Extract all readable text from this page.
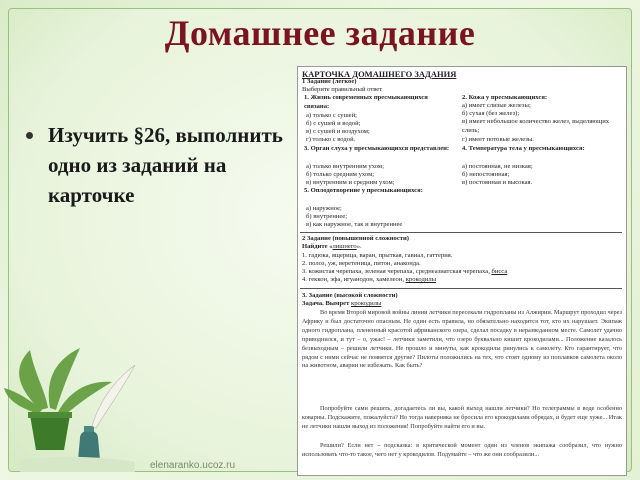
Домашнее задание
Изучить §26, выполнить одно из заданий на карточке
КАРТОЧКА ДОМАШНЕГО ЗАДАНИЯ
1 Задание (легкое)
Выберите правильный ответ
1. Жизнь современных пресмыкающихся связана:
а) только с сушей;
б) с сушей и водой;
в) с сушей и воздухом;
г) только с водой.
3. Орган слуха у пресмыкающихся представлен:
а) только внутренним ухом;
б) только средним ухом;
в) внутренним и средним ухом;
5. Оплодотворение у пресмыкающихся:
а) наружное;
б) внутреннее;
в) как наружное, так и внутреннее
2. Кожа у пресмыкающихся:
а) имеет слизые железы;
б) сухая (без желез);
в) имеет небольшое количество желез, выделяющих слизь;
г) имеет потовые железы.
4. Температура тела у пресмыкающихся:
а) постоянная, не низкая;
б) непостоянная;
в) постоянная и высокая.
2 Задание (повышенной сложности)
Найдите «лишнего».
1. гадюка, ящерица, варан, прыткая, гавиал, гаттерия.
2. полоз, уж, веретеница, питон, анаконда.
3. кожистая черепаха, зеленая черепаха, среднеазиатская черепаха, бисса
4. геккон, эфа, игуанодон, хамелеон, крокодилы
3. Задание (высокой сложности)
Задача. Вымрет крокодилы
Во время Второй мировой войны линии летчики пересекали гидропланы из Алжирии. Маршрут проходил через Африку и был достаточно опасным. Не один есть правила, но обязательно находится тот, кто их нарушает. Экипаж одного гидроплана, плененный красотой африканского озера, сделал посадку в неразведанном месте. Самолет удачно приводнился, и тут – о, ужас! – летчики заметили, что озеро буквально кишит крокодилами... Положение казалось безвыходным – решили летчики. Не прошло и минуты, как крокодилы ринулись к самолету. Кто гарантирует, что рядом с ними сейчас не появятся другие? Пилоты положились на тех, что стоят одному из поплавков самолета около на животном, аварии не избежать. Как быть?
Попробуйте сами решить, догадаетесь ли вы, какой выход нашли летчики? Но телеграммы в воде особенно коварны. Подскажите, пожалуйста? Но тогда наверняка не бросила его крокодилами обрядах, и будет еще хуже... Итак не летчики нашли выход из положения! Попробуйте найти его и вы.
Решили? Если нет – подсказка: в критической момент один из членов экипажа сообразил, что нужно использовать что-то такое, чего нет у крокодилов. Подумайте – что же они сообразили...
elenaranko.ucoz.ru
